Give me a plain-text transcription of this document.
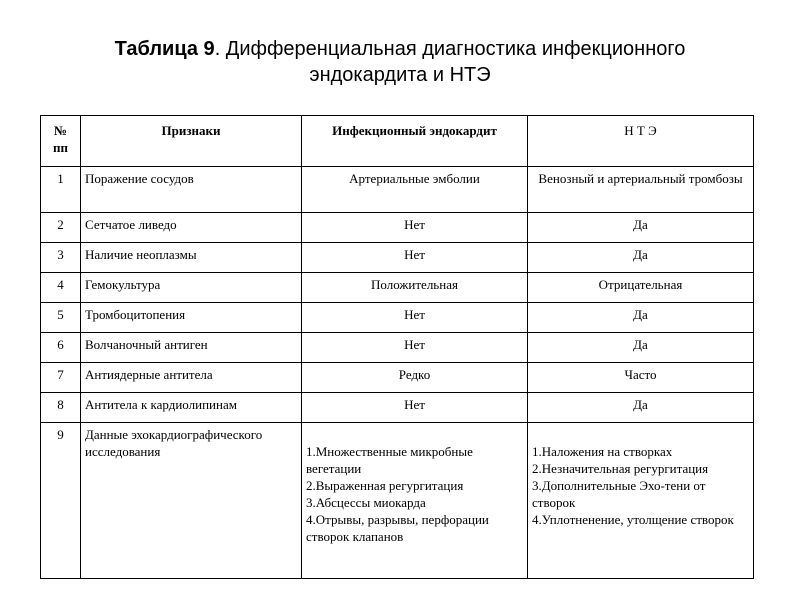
Таблица 9. Дифференциальная диагностика инфекционного эндокардита и НТЭ
№ пп	Признаки	Инфекционный эндокардит	Н Т Э
1	Поражение сосудов	Артериальные эмболии	Венозный и артериальный тромбозы
2	Сетчатое ливедо	Нет	Да
3	Наличие неоплазмы	Нет	Да
4	Гемокультура	Положительная	Отрицательная
5	Тромбоцитопения	Нет	Да
6	Волчаночный антиген	Нет	Да
7	Антиядерные антитела	Редко	Часто
8	Антитела к кардиолипинам	Нет	Да
9	Данные эхокардиографического исследования	1.Множественные микробные вегетации
2.Выраженная регургитация
3.Абсцессы миокарда
4.Отрывы, разрывы, перфорации створок клапанов	1.Наложения на створках
2.Незначительная регургитация
3.Дополнительные Эхо-тени от створок
4.Уплотненение, утолщение створок
